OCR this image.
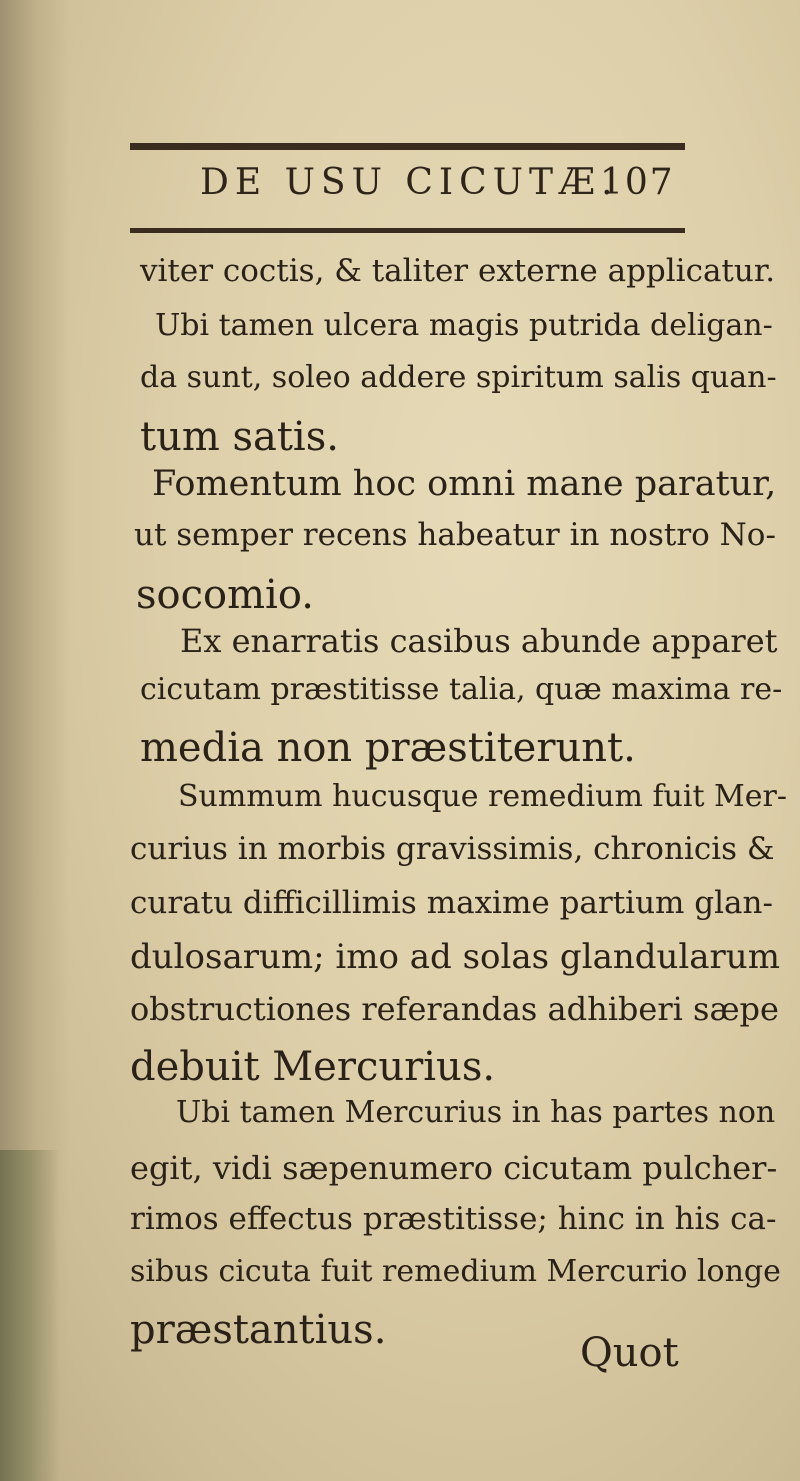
DE USU CICUTÆ.
107
viter coctis, & taliter externe applicatur.
Ubi tamen ulcera magis putrida deligan-
da sunt, soleo addere spiritum salis quan-
tum satis.
Fomentum hoc omni mane paratur,
ut semper recens habeatur in nostro No-
socomio.
Ex enarratis casibus abunde apparet
cicutam præstitisse talia, quæ maxima re-
media non præstiterunt.
Summum hucusque remedium fuit Mer-
curius in morbis gravissimis, chronicis &
curatu difficillimis maxime partium glan-
dulosarum; imo ad solas glandularum
obstructiones referandas adhiberi sæpe
debuit Mercurius.
Ubi tamen Mercurius in has partes non
egit, vidi sæpenumero cicutam pulcher-
rimos effectus præstitisse; hinc in his ca-
sibus cicuta fuit remedium Mercurio longe
præstantius.	Quot
